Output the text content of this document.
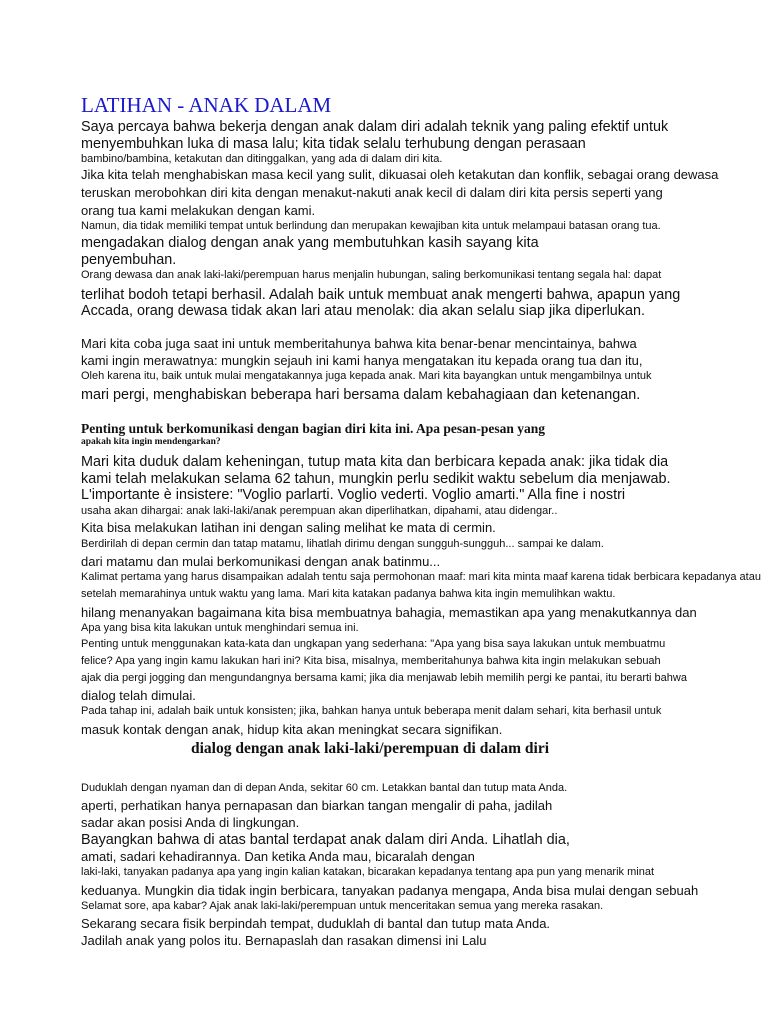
LATIHAN - ANAK DALAM
Saya percaya bahwa bekerja dengan anak dalam diri adalah teknik yang paling efektif untuk
menyembuhkan luka di masa lalu; kita tidak selalu terhubung dengan perasaan
bambino/bambina, ketakutan dan ditinggalkan, yang ada di dalam diri kita.
Jika kita telah menghabiskan masa kecil yang sulit, dikuasai oleh ketakutan dan konflik, sebagai orang dewasa
teruskan merobohkan diri kita dengan menakut-nakuti anak kecil di dalam diri kita persis seperti yang
orang tua kami melakukan dengan kami.
Namun, dia tidak memiliki tempat untuk berlindung dan merupakan kewajiban kita untuk melampaui batasan orang tua.
mengadakan dialog dengan anak yang membutuhkan kasih sayang kita
penyembuhan.
Orang dewasa dan anak laki-laki/perempuan harus menjalin hubungan, saling berkomunikasi tentang segala hal: dapat
terlihat bodoh tetapi berhasil. Adalah baik untuk membuat anak mengerti bahwa, apapun yang
Accada, orang dewasa tidak akan lari atau menolak: dia akan selalu siap jika diperlukan.
Mari kita coba juga saat ini untuk memberitahunya bahwa kita benar-benar mencintainya, bahwa
kami ingin merawatnya: mungkin sejauh ini kami hanya mengatakan itu kepada orang tua dan itu,
Oleh karena itu, baik untuk mulai mengatakannya juga kepada anak. Mari kita bayangkan untuk mengambilnya untuk
mari pergi, menghabiskan beberapa hari bersama dalam kebahagiaan dan ketenangan.
Penting untuk berkomunikasi dengan bagian diri kita ini. Apa pesan-pesan yang
apakah kita ingin mendengarkan?
Mari kita duduk dalam keheningan, tutup mata kita dan berbicara kepada anak: jika tidak dia
kami telah melakukan selama 62 tahun, mungkin perlu sedikit waktu sebelum dia menjawab.
L'importante è insistere: "Voglio parlarti. Voglio vederti. Voglio amarti." Alla fine i nostri
usaha akan dihargai: anak laki-laki/anak perempuan akan diperlihatkan, dipahami, atau didengar..
Kita bisa melakukan latihan ini dengan saling melihat ke mata di cermin.
Berdirilah di depan cermin dan tatap matamu, lihatlah dirimu dengan sungguh-sungguh... sampai ke dalam.
dari matamu dan mulai berkomunikasi dengan anak batinmu...
Kalimat pertama yang harus disampaikan adalah tentu saja permohonan maaf: mari kita minta maaf karena tidak berbicara kepadanya atau
setelah memarahinya untuk waktu yang lama. Mari kita katakan padanya bahwa kita ingin memulihkan waktu.
hilang menanyakan bagaimana kita bisa membuatnya bahagia, memastikan apa yang menakutkannya dan
Apa yang bisa kita lakukan untuk menghindari semua ini.
Penting untuk menggunakan kata-kata dan ungkapan yang sederhana: "Apa yang bisa saya lakukan untuk membuatmu
felice? Apa yang ingin kamu lakukan hari ini? Kita bisa, misalnya, memberitahunya bahwa kita ingin melakukan sebuah
ajak dia pergi jogging dan mengundangnya bersama kami; jika dia menjawab lebih memilih pergi ke pantai, itu berarti bahwa
dialog telah dimulai.
Pada tahap ini, adalah baik untuk konsisten; jika, bahkan hanya untuk beberapa menit dalam sehari, kita berhasil untuk
masuk kontak dengan anak, hidup kita akan meningkat secara signifikan.
dialog dengan anak laki-laki/perempuan di dalam diri
Duduklah dengan nyaman dan di depan Anda, sekitar 60 cm. Letakkan bantal dan tutup mata Anda.
aperti, perhatikan hanya pernapasan dan biarkan tangan mengalir di paha, jadilah
sadar akan posisi Anda di lingkungan.
Bayangkan bahwa di atas bantal terdapat anak dalam diri Anda. Lihatlah dia,
amati, sadari kehadirannya. Dan ketika Anda mau, bicaralah dengan
laki-laki, tanyakan padanya apa yang ingin kalian katakan, bicarakan kepadanya tentang apa pun yang menarik minat
keduanya. Mungkin dia tidak ingin berbicara, tanyakan padanya mengapa, Anda bisa mulai dengan sebuah
Selamat sore, apa kabar? Ajak anak laki-laki/perempuan untuk menceritakan semua yang mereka rasakan.
Sekarang secara fisik berpindah tempat, duduklah di bantal dan tutup mata Anda.
Jadilah anak yang polos itu. Bernapaslah dan rasakan dimensi ini Lalu
